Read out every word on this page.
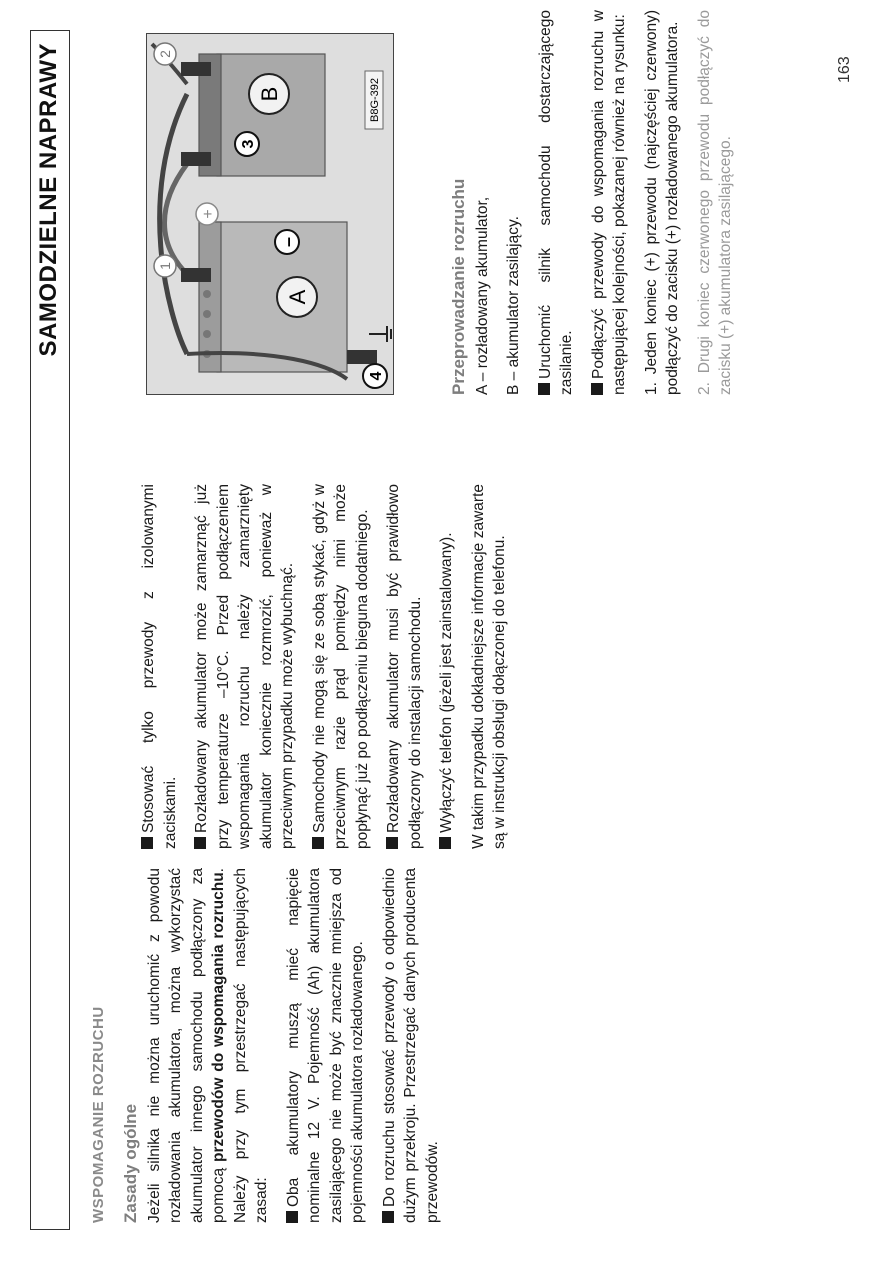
SAMODZIELNE NAPRAWY
WSPOMAGANIE ROZRUCHU Zasady ogólne Jeżeli silnika nie można uruchomić z powodu rozładowania akumulatora, można wykorzystać akumulator innego samochodu podłączony za pomocą przewodów do wspomagania rozruchu. Należy przy tym przestrzegać następujących zasad: Oba akumulatory muszą mieć napięcie nominalne 12 V. Pojemność (Ah) akumulatora zasilającego nie może być znacznie mniejsza od pojemności akumulatora rozładowanego. Do rozruchu stosować przewody o odpowiednio dużym przekroju. Przestrzegać danych producenta przewodów.

Stosować tylko przewody z izolowanymi zaciskami. Rozładowany akumulator może zamarznąć już przy temperaturze –10°C. Przed podłączeniem wspomagania rozruchu należy zamarznięty akumulator koniecznie rozmrozić, ponieważ w przeciwnym przypadku może wybuchnąć. Samochody nie mogą się ze sobą stykać, gdyż w przeciwnym razie prąd pomiędzy nimi może popłynąć już po podłączeniu bieguna dodatniego. Rozładowany akumulator musi być prawidłowo podłączony do instalacji samochodu. Wyłączyć telefon (jeżeli jest zainstalowany). W takim przypadku dokładniejsze informacje zawarte są w instrukcji obsługi dołączonej do telefonu.

A
B
1
2
3
4
–
+
B8G-392
Przeprowadzanie rozruchu A – rozładowany akumulator, B – akumulator zasilający. Uruchomić silnik samochodu dostarczającego zasilanie. Podłączyć przewody do wspomagania rozruchu w następującej kolejności, pokazanej również na rysunku: 1. Jeden koniec (+) przewodu (najczęściej czerwony) podłączyć do zacisku (+) rozładowanego akumulatora. 2. Drugi koniec czerwonego przewodu podłączyć do zacisku (+) akumulatora zasilającego.

163
